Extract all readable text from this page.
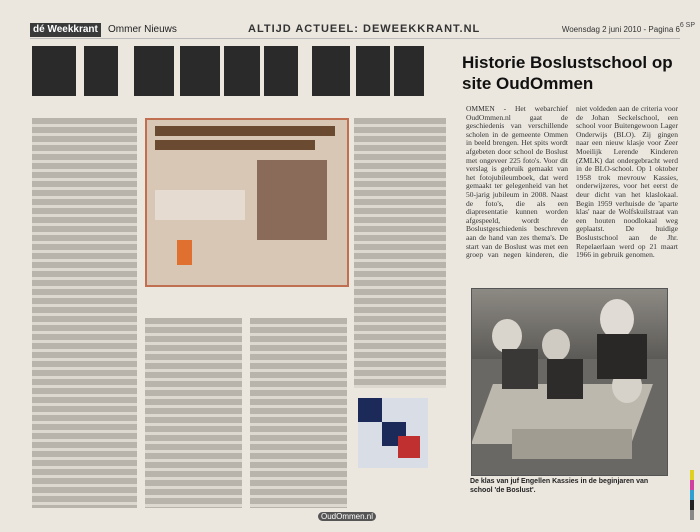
dé Weekkrant	Ommer Nieuws	ALTIJD ACTUEEL: DEWEEKKRANT.NL	Woensdag 2 juni 2010 - Pagina 6 6 SP
Historie Boslustschool op site OudOmmen
OMMEN - Het webarchief OudOmmen.nl gaat de geschiedenis van verschillende scholen in de gemeente Ommen in beeld brengen. Het spits wordt afgebeten door school de Boslust met ongeveer 225 foto's. Voor dit verslag is gebruik gemaakt van het fotojubileumboek, dat werd gemaakt ter gelegenheid van het 50-jarig jubileum in 2008. Naast de foto's, die als een diapresentatie kunnen worden afgespeeld, wordt de Boslustgeschiedenis beschreven aan de hand van zes thema's. De start van de Boslust was met een groep van negen kinderen, die niet voldeden aan de criteria voor de Johan Seckelschool, een school voor Buitengewoon Lager Onderwijs (BLO). Zij gingen naar een nieuw klasje voor Zeer Moeilijk Lerende Kinderen (ZMLK) dat ondergebracht werd in de BLO-school. Op 1 oktober 1958 trok mevrouw Kassies, onderwijzeres, voor het eerst de deur dicht van het klaslokaal. Begin 1959 verhuisde de 'aparte klas' naar de Wolfskuilstraat van een houten noodlokaal weg geplaatst. De huidige Boslustschool aan de Jhr. Repelaerlaan werd op 21 maart 1966 in gebruik genomen.
De klas van juf Engellen Kassies in de beginjaren van school 'de Boslust'.
OudOmmen.nl
